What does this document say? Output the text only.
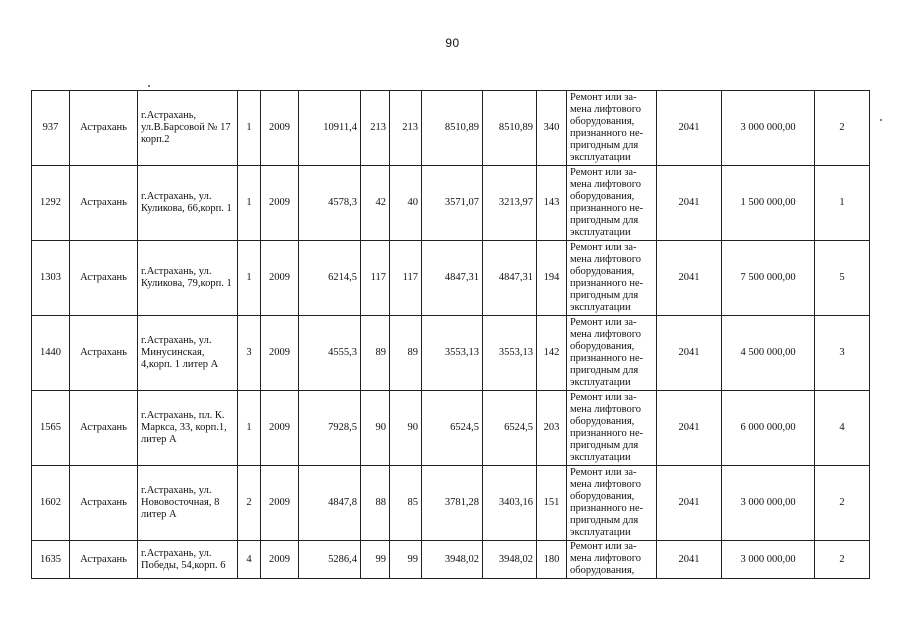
90
937	Астрахань	г.Астрахань, ул.В.Барсовой № 17 корп.2	1	2009	10911,4	213	213	8510,89	8510,89	340	Ремонт или за-мена лифтового оборудования, признанного не-пригодным для эксплуатации	2041	3 000 000,00	2
1292	Астрахань	г.Астрахань, ул. Куликова, 66,корп. 1	1	2009	4578,3	42	40	3571,07	3213,97	143	Ремонт или за-мена лифтового оборудования, признанного не-пригодным для эксплуатации	2041	1 500 000,00	1
1303	Астрахань	г.Астрахань, ул. Куликова, 79,корп. 1	1	2009	6214,5	117	117	4847,31	4847,31	194	Ремонт или за-мена лифтового оборудования, признанного не-пригодным для эксплуатации	2041	7 500 000,00	5
1440	Астрахань	г.Астрахань, ул. Минусинская, 4,корп. 1 литер А	3	2009	4555,3	89	89	3553,13	3553,13	142	Ремонт или за-мена лифтового оборудования, признанного не-пригодным для эксплуатации	2041	4 500 000,00	3
1565	Астрахань	г.Астрахань, пл. К. Маркса, 33, корп.1, литер А	1	2009	7928,5	90	90	6524,5	6524,5	203	Ремонт или за-мена лифтового оборудования, признанного не-пригодным для эксплуатации	2041	6 000 000,00	4
1602	Астрахань	г.Астрахань, ул. Нововосточная, 8 литер А	2	2009	4847,8	88	85	3781,28	3403,16	151	Ремонт или за-мена лифтового оборудования, признанного не-пригодным для эксплуатации	2041	3 000 000,00	2
1635	Астрахань	г.Астрахань, ул. Победы, 54,корп. 6	4	2009	5286,4	99	99	3948,02	3948,02	180	Ремонт или за-мена лифтового оборудования,	2041	3 000 000,00	2
